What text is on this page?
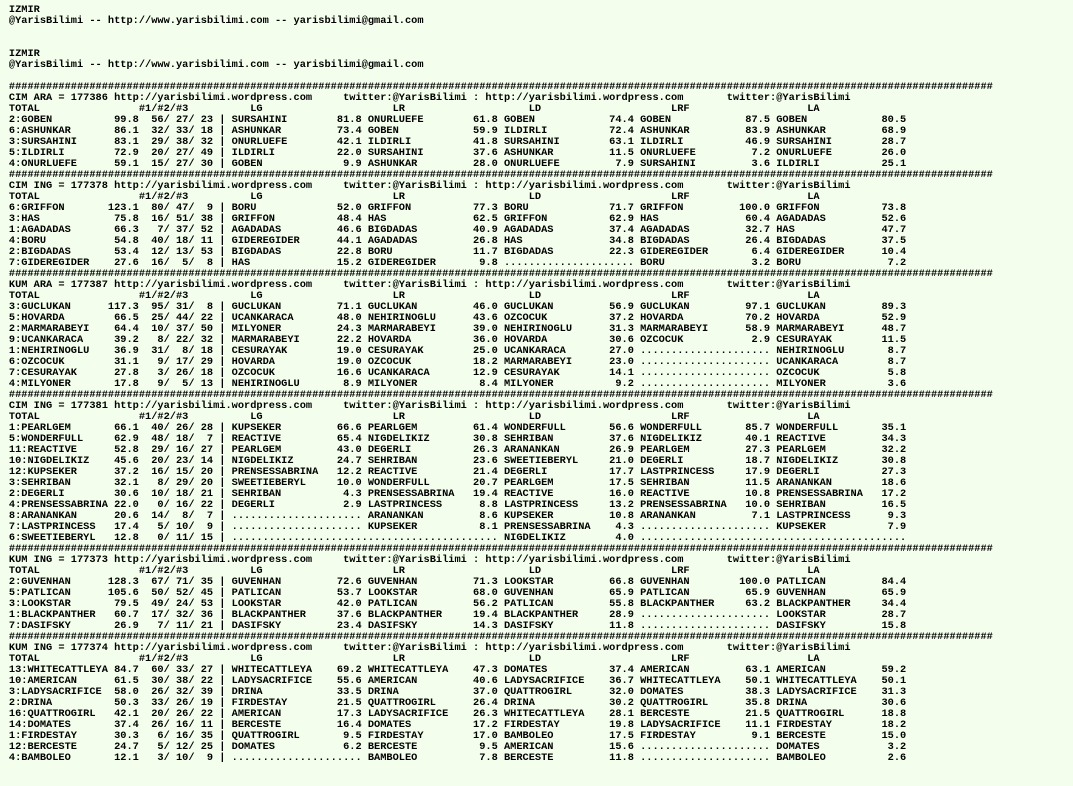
IZMIR
@YarisBilimi -- http://www.yarisbilimi.com -- yarisbilimi@gmail.com

IZMIR
@YarisBilimi -- http://www.yarisbilimi.com -- yarisbilimi@gmail.com

###############################################################################################################################################################
CIM ARA = 177386 http://yarisbilimi.wordpress.com     twitter:@YarisBilimi : http://yarisbilimi.wordpress.com       twitter:@YarisBilimi
TOTAL                #1/#2/#3          LG                     LR                    LD                     LRF                   LA
2:GOBEN          99.8  56/ 27/ 23 | SURSAHINI        81.8 ONURLUEFE        61.8 GOBEN            74.4 GOBEN            87.5 GOBEN            80.5
6:ASHUNKAR       86.1  32/ 33/ 18 | ASHUNKAR         73.4 GOBEN            59.9 ILDIRLI          72.4 ASHUNKAR         83.9 ASHUNKAR         68.9
3:SURSAHINI      83.1  29/ 38/ 32 | ONURLUEFE        42.1 ILDIRLI          41.8 SURSAHINI        63.1 ILDIRLI          46.9 SURSAHINI        28.7
5:ILDIRLI        72.9  20/ 27/ 49 | ILDIRLI          22.0 SURSAHINI        37.6 ASHUNKAR         11.5 ONURLUEFE         7.2 ONURLUEFE        26.0
4:ONURLUEFE      59.1  15/ 27/ 30 | GOBEN             9.9 ASHUNKAR         28.0 ONURLUEFE         7.9 SURSAHINI         3.6 ILDIRLI          25.1
###############################################################################################################################################################
CIM ING = 177378 http://yarisbilimi.wordpress.com     twitter:@YarisBilimi : http://yarisbilimi.wordpress.com       twitter:@YarisBilimi
TOTAL                #1/#2/#3          LG                     LR                    LD                     LRF                   LA
6:GRIFFON       123.1  80/ 47/  9 | BORU             52.0 GRIFFON          77.3 BORU             71.7 GRIFFON         100.0 GRIFFON          73.8
3:HAS            75.8  16/ 51/ 38 | GRIFFON          48.4 HAS              62.5 GRIFFON          62.9 HAS              60.4 AGADADAS         52.6
1:AGADADAS       66.3   7/ 37/ 52 | AGADADAS         46.6 BIGDADAS         40.9 AGADADAS         37.4 AGADADAS         32.7 HAS              47.7
4:BORU           54.8  40/ 18/ 11 | GIDEREGIDER      44.1 AGADADAS         26.8 HAS              34.8 BIGDADAS         26.4 BIGDADAS         37.5
2:BIGDADAS       53.4  12/ 13/ 53 | BIGDADAS         22.8 BORU             11.7 BIGDADAS         22.3 GIDEREGIDER       6.4 GIDEREGIDER      10.4
7:GIDEREGIDER    27.6  16/  5/  8 | HAS              15.2 GIDEREGIDER       9.8 ..................... BORU              3.2 BORU              7.2
###############################################################################################################################################################
KUM ARA = 177387 http://yarisbilimi.wordpress.com     twitter:@YarisBilimi : http://yarisbilimi.wordpress.com       twitter:@YarisBilimi
TOTAL                #1/#2/#3          LG                     LR                    LD                     LRF                   LA
3:GUCLUKAN      117.3  95/ 31/  8 | GUCLUKAN         71.1 GUCLUKAN         46.0 GUCLUKAN         56.9 GUCLUKAN         97.1 GUCLUKAN         89.3
5:HOVARDA        66.5  25/ 44/ 22 | UCANKARACA       48.0 NEHIRINOGLU      43.6 OZCOCUK          37.2 HOVARDA          70.2 HOVARDA          52.9
2:MARMARABEYI    64.4  10/ 37/ 50 | MILYONER         24.3 MARMARABEYI      39.0 NEHIRINOGLU      31.3 MARMARABEYI      58.9 MARMARABEYI      48.7
9:UCANKARACA     39.2   8/ 22/ 32 | MARMARABEYI      22.2 HOVARDA          36.0 HOVARDA          30.6 OZCOCUK           2.9 CESURAYAK        11.5
1:NEHIRINOGLU    36.9  31/  8/ 18 | CESURAYAK        19.0 CESURAYAK        25.0 UCANKARACA       27.0 ..................... NEHIRINOGLU       8.7
6:OZCOCUK        31.1   9/ 17/ 29 | HOVARDA          19.0 OZCOCUK          18.2 MARMARABEYI      23.0 ..................... UCANKARACA        8.7
7:CESURAYAK      27.8   3/ 26/ 18 | OZCOCUK          16.6 UCANKARACA       12.9 CESURAYAK        14.1 ..................... OZCOCUK           5.8
4:MILYONER       17.8   9/  5/ 13 | NEHIRINOGLU       8.9 MILYONER          8.4 MILYONER          9.2 ..................... MILYONER          3.6
###############################################################################################################################################################
CIM ING = 177381 http://yarisbilimi.wordpress.com     twitter:@YarisBilimi : http://yarisbilimi.wordpress.com       twitter:@YarisBilimi
TOTAL                #1/#2/#3          LG                     LR                    LD                     LRF                   LA
1:PEARLGEM       66.1  40/ 26/ 28 | KUPSEKER         66.6 PEARLGEM         61.4 WONDERFULL       56.6 WONDERFULL       85.7 WONDERFULL       35.1
5:WONDERFULL     62.9  48/ 18/  7 | REACTIVE         65.4 NIGDELIKIZ       30.8 SEHRIBAN         37.6 NIGDELIKIZ       40.1 REACTIVE         34.3
11:REACTIVE      52.8  29/ 16/ 27 | PEARLGEM         43.0 DEGERLI          26.3 ARANANKAN        26.9 PEARLGEM         27.3 PEARLGEM         32.2
10:NIGDELIKIZ    45.6  20/ 23/ 14 | NIGDELIKIZ       24.7 SEHRIBAN         23.6 SWEETIEBERYL     21.0 DEGERLI          18.7 NIGDELIKIZ       30.8
12:KUPSEKER      37.2  16/ 15/ 20 | PRENSESSABRINA   12.2 REACTIVE         21.4 DEGERLI          17.7 LASTPRINCESS     17.9 DEGERLI          27.3
3:SEHRIBAN       32.1   8/ 29/ 20 | SWEETIEBERYL     10.0 WONDERFULL       20.7 PEARLGEM         17.5 SEHRIBAN         11.5 ARANANKAN        18.6
2:DEGERLI        30.6  10/ 18/ 21 | SEHRIBAN          4.3 PRENSESSABRINA   19.4 REACTIVE         16.0 REACTIVE         10.8 PRENSESSABRINA   17.2
4:PRENSESSABRINA 22.0   0/ 16/ 22 | DEGERLI           2.9 LASTPRINCESS      8.8 LASTPRINCESS     13.2 PRENSESSABRINA   10.0 SEHRIBAN         16.5
8:ARANANKAN      20.6  14/  8/  7 | ..................... ARANANKAN         8.6 KUPSEKER         10.8 ARANANKAN         7.1 LASTPRINCESS      9.3
7:LASTPRINCESS   17.4   5/ 10/  9 | ..................... KUPSEKER          8.1 PRENSESSABRINA    4.3 ..................... KUPSEKER          7.9
6:SWEETIEBERYL   12.8   0/ 11/ 15 | ........................................... NIGDELIKIZ        4.0 ...........................................
###############################################################################################################################################################
KUM ING = 177373 http://yarisbilimi.wordpress.com     twitter:@YarisBilimi : http://yarisbilimi.wordpress.com       twitter:@YarisBilimi
TOTAL                #1/#2/#3          LG                     LR                    LD                     LRF                   LA
2:GUVENHAN      128.3  67/ 71/ 35 | GUVENHAN         72.6 GUVENHAN         71.3 LOOKSTAR         66.8 GUVENHAN        100.0 PATLICAN         84.4
5:PATLICAN      105.6  50/ 52/ 45 | PATLICAN         53.7 LOOKSTAR         68.0 GUVENHAN         65.9 PATLICAN         65.9 GUVENHAN         65.9
3:LOOKSTAR       79.5  49/ 24/ 53 | LOOKSTAR         42.0 PATLICAN         56.2 PATLICAN         55.8 BLACKPANTHER     63.2 BLACKPANTHER     34.4
1:BLACKPANTHER   60.7  17/ 32/ 36 | BLACKPANTHER     37.6 BLACKPANTHER     19.4 BLACKPANTHER     28.9 ..................... LOOKSTAR         28.7
7:DASIFSKY       26.9   7/ 11/ 21 | DASIFSKY         23.4 DASIFSKY         14.3 DASIFSKY         11.8 ..................... DASIFSKY         15.8
###############################################################################################################################################################
KUM ING = 177374 http://yarisbilimi.wordpress.com     twitter:@YarisBilimi : http://yarisbilimi.wordpress.com       twitter:@YarisBilimi
TOTAL                #1/#2/#3          LG                     LR                    LD                     LRF                   LA
13:WHITECATTLEYA 84.7  60/ 33/ 27 | WHITECATTLEYA    69.2 WHITECATTLEYA    47.3 DOMATES          37.4 AMERICAN         63.1 AMERICAN         59.2
10:AMERICAN      61.5  30/ 38/ 22 | LADYSACRIFICE    55.6 AMERICAN         40.6 LADYSACRIFICE    36.7 WHITECATTLEYA    50.1 WHITECATTLEYA    50.1
3:LADYSACRIFICE  58.0  26/ 32/ 39 | DRINA            33.5 DRINA            37.0 QUATTROGIRL      32.0 DOMATES          38.3 LADYSACRIFICE    31.3
2:DRINA          50.3  33/ 26/ 19 | FIRDESTAY        21.5 QUATTROGIRL      26.4 DRINA            30.2 QUATTROGIRL      35.8 DRINA            30.6
16:QUATTROGIRL   42.1  20/ 26/ 22 | AMERICAN         17.3 LADYSACRIFICE    26.3 WHITECATTLEYA    28.1 BERCESTE         21.5 QUATTROGIRL      18.8
14:DOMATES       37.4  26/ 16/ 11 | BERCESTE         16.4 DOMATES          17.2 FIRDESTAY        19.8 LADYSACRIFICE    11.1 FIRDESTAY        18.2
1:FIRDESTAY      30.3   6/ 16/ 35 | QUATTROGIRL       9.5 FIRDESTAY        17.0 BAMBOLEO         17.5 FIRDESTAY         9.1 BERCESTE         15.0
12:BERCESTE      24.7   5/ 12/ 25 | DOMATES           6.2 BERCESTE          9.5 AMERICAN         15.6 ..................... DOMATES           3.2
4:BAMBOLEO       12.1   3/ 10/  9 | ..................... BAMBOLEO          7.8 BERCESTE         11.8 ..................... BAMBOLEO          2.6
